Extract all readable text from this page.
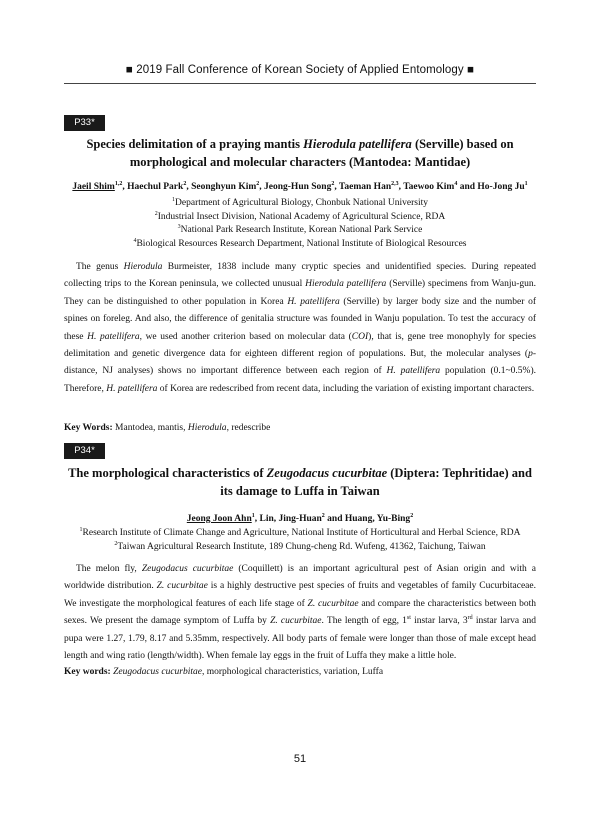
■ 2019 Fall Conference of Korean Society of Applied Entomology ■
P33*
Species delimitation of a praying mantis Hierodula patellifera (Serville) based on morphological and molecular characters (Mantodea: Mantidae)
Jaeil Shim$^{1,2}$, Haechul Park$^2$, Seonghyun Kim$^2$, Jeong-Hun Song$^2$, Taeman Han$^{2,3}$, Taewoo Kim$^4$ and Ho-Jong Ju$^1$
$^1$Department of Agricultural Biology, Chonbuk National University
$^2$Industrial Insect Division, National Academy of Agricultural Science, RDA
$^3$National Park Research Institute, Korean National Park Service
$^4$Biological Resources Research Department, National Institute of Biological Resources
The genus Hierodula Burmeister, 1838 include many cryptic species and unidentified species. During repeated collecting trips to the Korean peninsula, we collected unusual Hierodula patellifera (Serville) specimens from Wanju-gun. They can be distinguished to other population in Korea H. patellifera (Serville) by larger body size and the number of spines on foreleg. And also, the difference of genitalia structure was founded in Wanju population. To test the accuracy of these H. patellifera, we used another criterion based on molecular data (COI), that is, gene tree monophyly for species delimitation and genetic divergence data for eighteen different region of populations. But, the molecular analyses (p-distance, NJ analyses) shows no important difference between each region of H. patellifera population (0.1~0.5%). Therefore, H. patellifera of Korea are redescribed from recent data, including the variation of existing important characters.
Key Words: Mantodea, mantis, Hierodula, redescribe
P34*
The morphological characteristics of Zeugodacus cucurbitae (Diptera: Tephritidae) and its damage to Luffa in Taiwan
Jeong Joon Ahn$^1$, Lin, Jing-Huan$^2$ and Huang, Yu-Bing$^2$
$^1$Research Institute of Climate Change and Agriculture, National Institute of Horticultural and Herbal Science, RDA
$^2$Taiwan Agricultural Research Institute, 189 Chung-cheng Rd. Wufeng, 41362, Taichung, Taiwan
The melon fly, Zeugodacus cucurbitae (Coquillett) is an important agricultural pest of Asian origin and with a worldwide distribution. Z. cucurbitae is a highly destructive pest species of fruits and vegetables of family Cucurbitaceae. We investigate the morphological features of each life stage of Z. cucurbitae and compare the characteristics between both sexes. We present the damage symptom of Luffa by Z. cucurbitae. The length of egg, 1st instar larva, 3rd instar larva and pupa were 1.27, 1.79, 8.17 and 5.35mm, respectively. All body parts of female were longer than those of male except head length and wing ratio (length/width). When female lay eggs in the fruit of Luffa they make a little hole.
Key words: Zeugodacus cucurbitae, morphological characteristics, variation, Luffa
51
